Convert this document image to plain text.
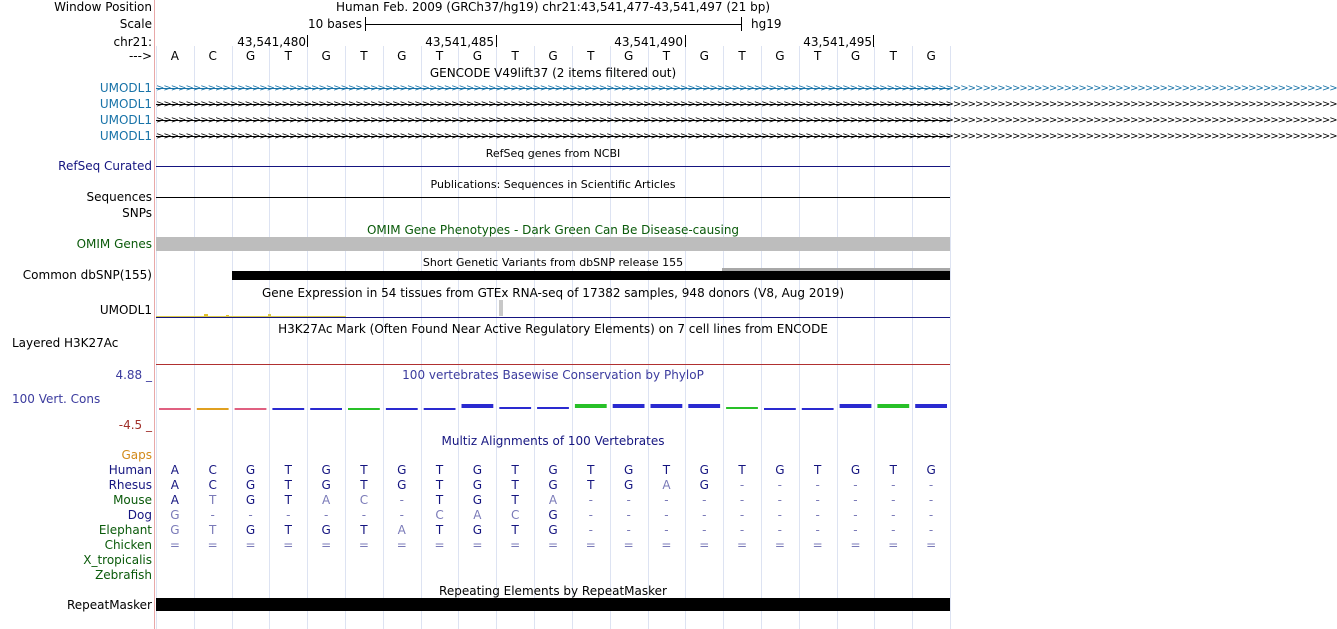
Window Position	Human Feb. 2009 (GRCh37/hg19) chr21:43,541,477-43,541,497 (21 bp)
Scale	10 bases	hg19
chr21:	43,541,480	43,541,485	43,541,490	43,541,495
--->	A	C	G	T	G	T	G	T	G	T	G	T	G	T	G	T	G	T	G	T	G
GENCODE V49lift37 (2 items filtered out)
UMODL1 >>>>>>>>>>>>>>>>>>>>>>>>>>>>>>>>>>>>>>>>>>>>>>>>>>>>>>>>>>>>>>>>>>>>>>>>>>>>>>>>>>>>>>>>>>>>>>>>>>>>>>>>>>>>>>>>>>>>>>>>>>>>>>>>>>>>>>>>>>>>>>>>>>>>>>>>>>>>>>>>
UMODL1 >>>>>>>>>>>>>>>>>>>>>>>>>>>>>>>>>>>>>>>>>>>>>>>>>>>>>>>>>>>>>>>>>>>>>>>>>>>>>>>>>>>>>>>>>>>>>>>>>>>>>>>>>>>>>>>>>>>>>>>>>>>>>>>>>>>>>>>>>>>>>>>>>>>>>>>>>>>>>>>>
UMODL1 >>>>>>>>>>>>>>>>>>>>>>>>>>>>>>>>>>>>>>>>>>>>>>>>>>>>>>>>>>>>>>>>>>>>>>>>>>>>>>>>>>>>>>>>>>>>>>>>>>>>>>>>>>>>>>>>>>>>>>>>>>>>>>>>>>>>>>>>>>>>>>>>>>>>>>>>>>>>>>>>
UMODL1 >>>>>>>>>>>>>>>>>>>>>>>>>>>>>>>>>>>>>>>>>>>>>>>>>>>>>>>>>>>>>>>>>>>>>>>>>>>>>>>>>>>>>>>>>>>>>>>>>>>>>>>>>>>>>>>>>>>>>>>>>>>>>>>>>>>>>>>>>>>>>>>>>>>>>>>>>>>>>>>>
RefSeq genes from NCBI
RefSeq Curated
Publications: Sequences in Scientific Articles
Sequences
SNPs
OMIM Gene Phenotypes - Dark Green Can Be Disease-causing
OMIM Genes
Short Genetic Variants from dbSNP release 155
Common dbSNP(155)
Gene Expression in 54 tissues from GTEx RNA-seq of 17382 samples, 948 donors (V8, Aug 2019)
UMODL1
H3K27Ac Mark (Often Found Near Active Regulatory Elements) on 7 cell lines from ENCODE
Layered H3K27Ac
4.88 _	100 vertebrates Basewise Conservation by PhyloP
100 Vert. Cons
-4.5 _
Multiz Alignments of 100 Vertebrates
Gaps
Human	A	C	G	T	G	T	G	T	G	T	G	T	G	T	G	T	G	T	G	T	G
Rhesus	A	C	G	T	G	T	G	T	G	T	G	T	G	A	G	-	-	-	-	-	-
Mouse	A	T	G	T	A	C	-	T	G	T	A	-	-	-	-	-	-	-	-	-	-
Dog	G	-	-	-	-	-	-	C	A	C	G	-	-	-	-	-	-	-	-	-	-
Elephant	G	T	G	T	G	T	A	T	G	T	G	-	-	-	-	-	-	-	-	-	-
Chicken	=	=	=	=	=	=	=	=	=	=	=	=	=	=	=	=	=	=	=	=	=
X_tropicalis
Zebrafish
Repeating Elements by RepeatMasker
RepeatMasker
